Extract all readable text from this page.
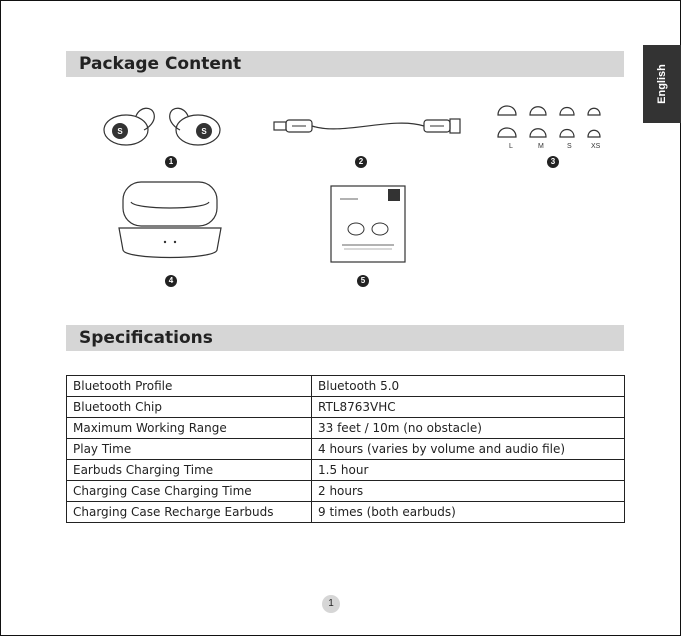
English
Package Content
S	S
1	2
L	M	S	XS
3
4	5
Specifications
Bluetooth Profile	Bluetooth 5.0
Bluetooth Chip	RTL8763VHC
Maximum Working Range	33 feet / 10m (no obstacle)
Play Time	4 hours (varies by volume and audio file)
Earbuds Charging Time	1.5 hour
Charging Case Charging Time	2 hours
Charging Case Recharge Earbuds	9 times (both earbuds)
1
